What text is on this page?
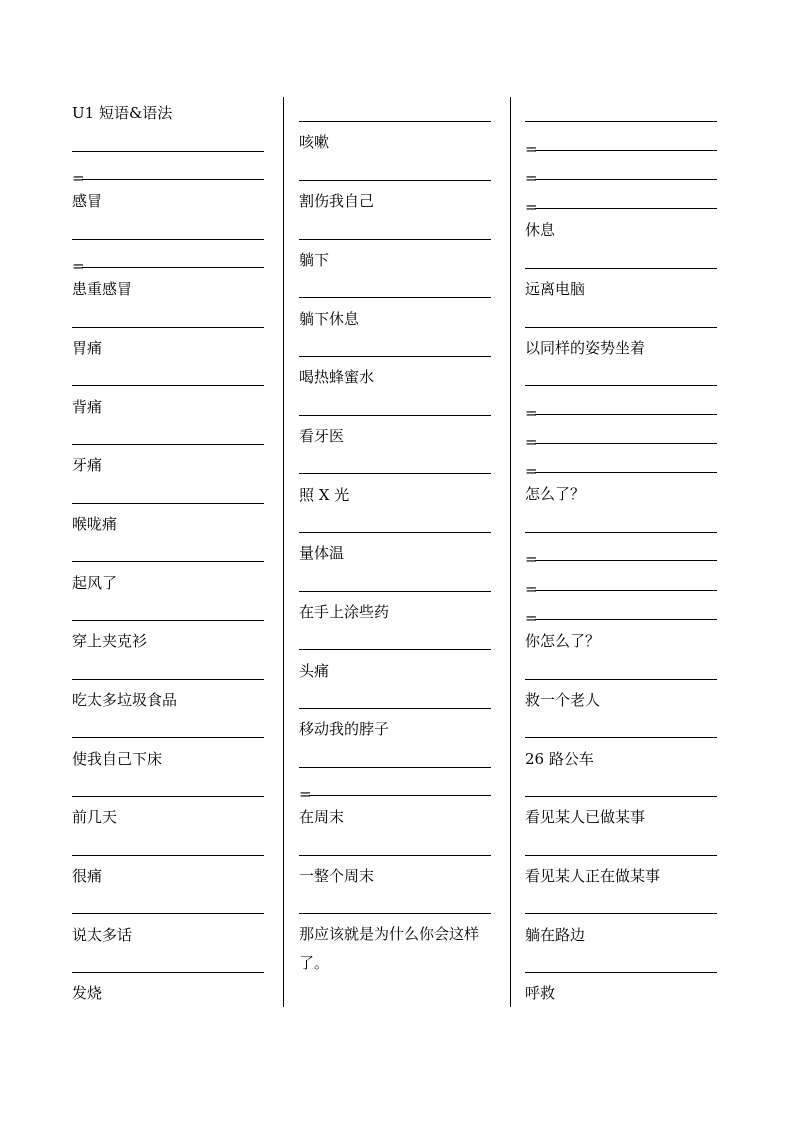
U1 短语&语法
=
感冒
=
患重感冒
胃痛
背痛
牙痛
喉咙痛
起风了
穿上夹克衫
吃太多垃圾食品
使我自己下床
前几天
很痛
说太多话
发烧
咳嗽
割伤我自己
躺下
躺下休息
喝热蜂蜜水
看牙医
照 X 光
量体温
在手上涂些药
头痛
移动我的脖子
=
在周末
一整个周末
那应该就是为什么你会这样了。
=
=
=
休息
远离电脑
以同样的姿势坐着
=
=
=
怎么了？
=
=
=
你怎么了？
救一个老人
26 路公车
看见某人已做某事
看见某人正在做某事
躺在路边
呼救
